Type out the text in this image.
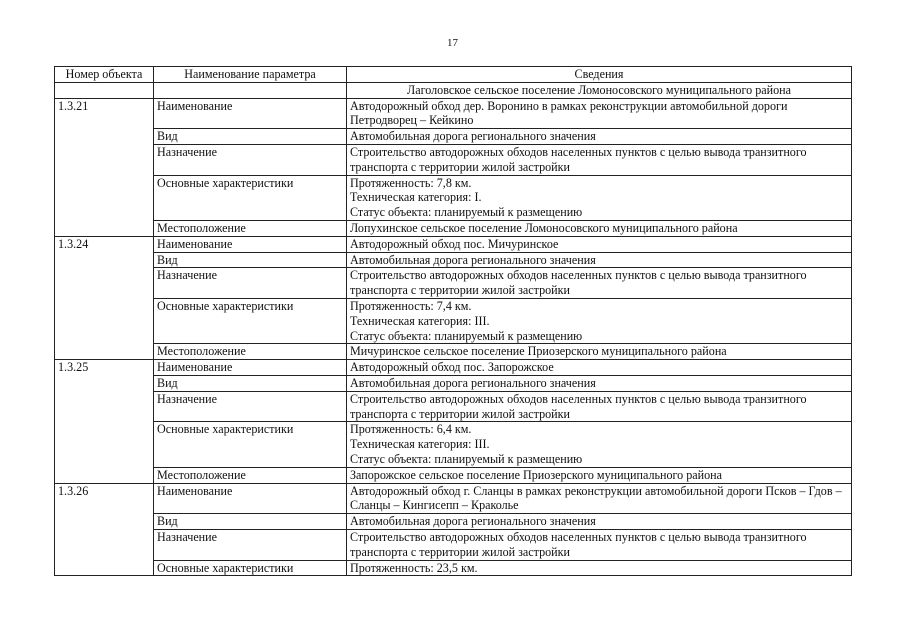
17
Номер объекта	Наименование параметра	Сведения
		Лаголовское сельское поселение Ломоносовского муниципального района
1.3.21	Наименование	Автодорожный обход дер. Воронино в рамках реконструкции автомобильной дороги Петродворец – Кейкино

	Вид	Автомобильная дорога регионального значения

	Назначение	Строительство автодорожных обходов населенных пунктов с целью вывода транзитного транспорта с территории жилой застройки

	Основные характеристики	Протяженность: 7,8 км.
Техническая категория: I.
Статус объекта: планируемый к размещению

	Местоположение	Лопухинское сельское поселение Ломоносовского муниципального района

1.3.24	Наименование	Автодорожный обход пос. Мичуринское

	Вид	Автомобильная дорога регионального значения

	Назначение	Строительство автодорожных обходов населенных пунктов с целью вывода транзитного транспорта с территории жилой застройки

	Основные характеристики	Протяженность: 7,4 км.
Техническая категория: III.
Статус объекта: планируемый к размещению

	Местоположение	Мичуринское сельское поселение Приозерского муниципального района

1.3.25	Наименование	Автодорожный обход пос. Запорожское

	Вид	Автомобильная дорога регионального значения

	Назначение	Строительство автодорожных обходов населенных пунктов с целью вывода транзитного транспорта с территории жилой застройки

	Основные характеристики	Протяженность: 6,4 км.
Техническая категория: III.
Статус объекта: планируемый к размещению

	Местоположение	Запорожское сельское поселение Приозерского муниципального района

1.3.26	Наименование	Автодорожный обход г. Сланцы в рамках реконструкции автомобильной дороги Псков – Гдов – Сланцы – Кингисепп – Краколье

	Вид	Автомобильная дорога регионального значения

	Назначение	Строительство автодорожных обходов населенных пунктов с целью вывода транзитного транспорта с территории жилой застройки

	Основные характеристики	Протяженность: 23,5 км.
